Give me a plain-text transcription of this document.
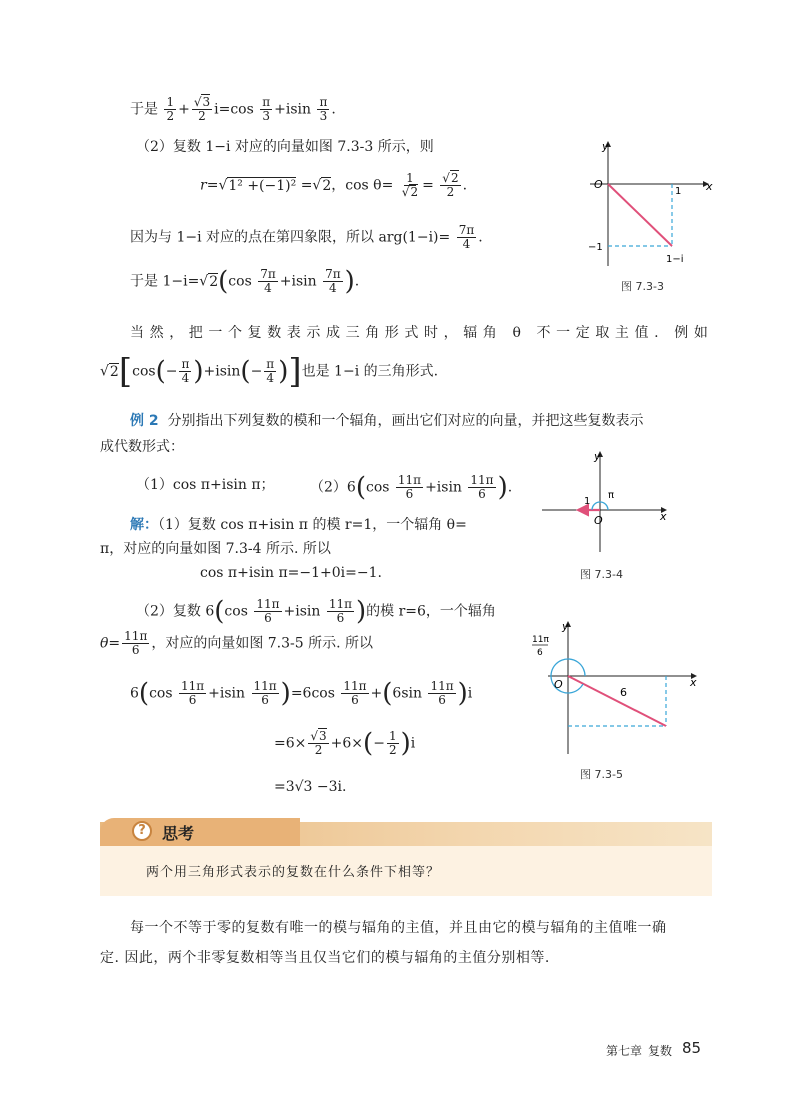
于是 $\frac{1}{2} + \frac{√3}{2} i=\cos \frac{\pi}{3} +isin \frac{\pi}{3}$ .
（2）复数 1−i 对应的向量如图 7.3-3 所示，则
r=√1² +(−1)² =√2，$\cos \theta= \frac{1}{√2} = \frac{√2}{2}$ .
因为与 1−i 对应的点在第四象限，所以 $arg(1-i)= \frac{7\pi}{4}$ .
于是 $1-i=√2(\cos \frac{7\pi}{4} +isin \frac{7\pi}{4}$ ).
y
x
O
1
−1
1−i
图 7.3-3
当然，把一个复数表示成三角形式时，辐角 θ 不一定取主值. 例如
$√2[\cos(- \frac{\pi}{4} )+isin(- \frac{\pi}{4}$ )]也是 1−i 的三角形式.
例 2 分别指出下列复数的模和一个辐角，画出它们对应的向量，并把这些复数表示
成代数形式：
（1）cos π+isin π；	$(2)6(\cos \frac{11\pi}{6} +isin \frac{11\pi}{6}$ ).
y
x
O
1
π
图 7.3-4
解：（1）复数 cos π+isin π 的模 r=1，一个辐角 θ=
π，对应的向量如图 7.3-4 所示. 所以
cos π+isin π=−1+0i=−1.
（2）复数 $6(\cos \frac{11\pi}{6} +isin \frac{11\pi}{6}$ )的模 r=6，一个辐角
$\theta= \frac{11\pi}{6}$ ，对应的向量如图 7.3-5 所示. 所以
$6(\cos \frac{11\pi}{6} +isin \frac{11\pi}{6} )=6\cos \frac{11\pi}{6} +(6\sin \frac{11\pi}{6} )i$
$=6\times \frac{√3}{2} +6\times(- \frac{1}{2} )i$
=3√3 −3i.
y
x
O
6
11π
6
图 7.3-5
?	思考
两个用三角形式表示的复数在什么条件下相等？
每一个不等于零的复数有唯一的模与辐角的主值，并且由它的模与辐角的主值唯一确
定. 因此，两个非零复数相等当且仅当它们的模与辐角的主值分别相等.
第七章 复数 85
